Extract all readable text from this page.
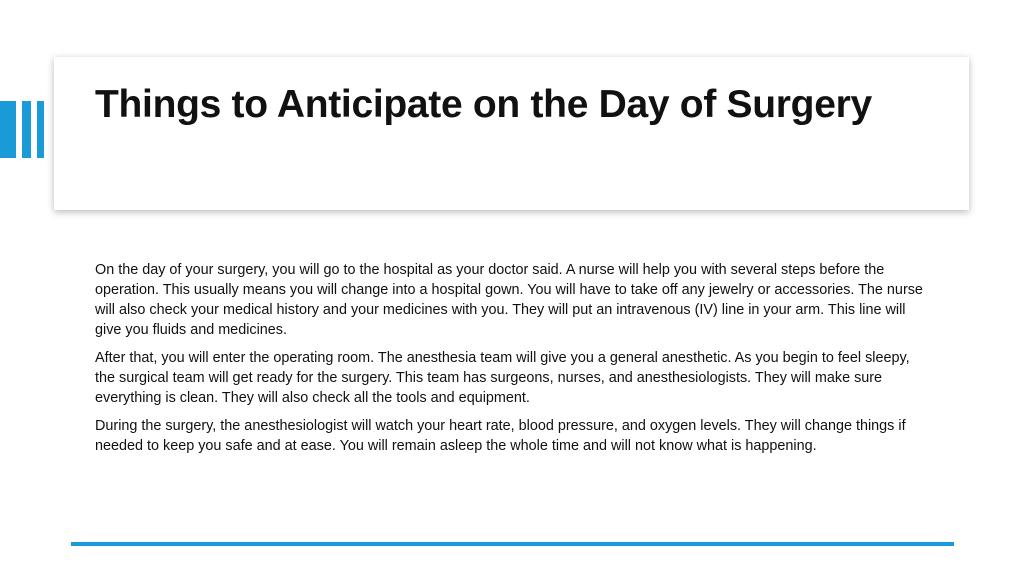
Things to Anticipate on the Day of Surgery

On the day of your surgery, you will go to the hospital as your doctor said. A nurse will help you with several steps before the operation. This usually means you will change into a hospital gown. You will have to take off any jewelry or accessories. The nurse will also check your medical history and your medicines with you. They will put an intravenous (IV) line in your arm. This line will give you fluids and medicines.

After that, you will enter the operating room. The anesthesia team will give you a general anesthetic. As you begin to feel sleepy, the surgical team will get ready for the surgery. This team has surgeons, nurses, and anesthesiologists. They will make sure everything is clean. They will also check all the tools and equipment.

During the surgery, the anesthesiologist will watch your heart rate, blood pressure, and oxygen levels. They will change things if needed to keep you safe and at ease. You will remain asleep the whole time and will not know what is happening.
